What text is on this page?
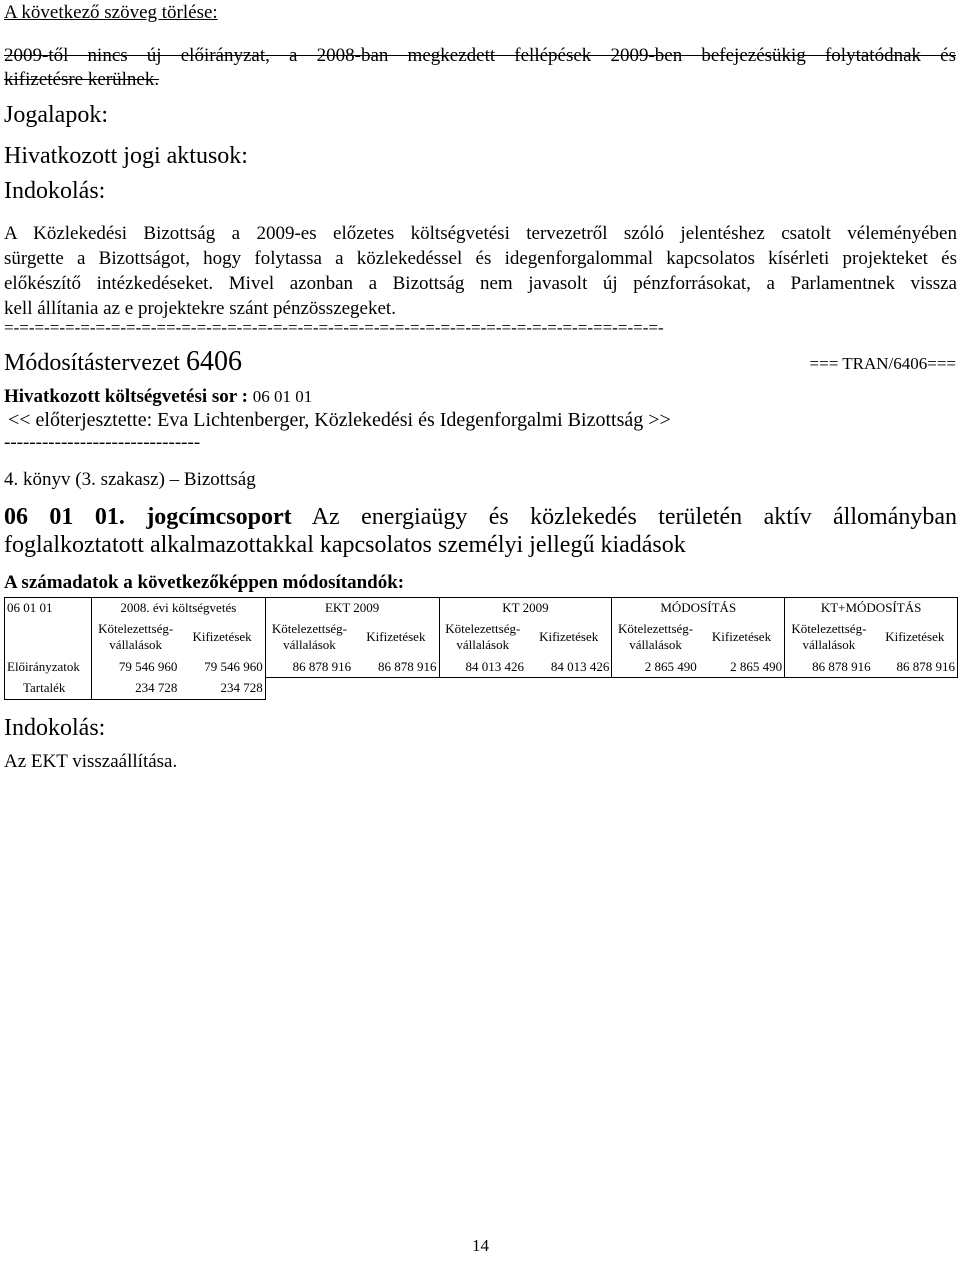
A következő szöveg törlése:
2009-től nincs új előirányzat, a 2008-ban megkezdett fellépések 2009-ben befejezésükig folytatódnak és
kifizetésre kerülnek.
Jogalapok:
Hivatkozott jogi aktusok:
Indokolás:
A Közlekedési Bizottság a 2009-es előzetes költségvetési tervezetről szóló jelentéshez csatolt véleményében
sürgette a Bizottságot, hogy folytassa a közlekedéssel és idegenforgalommal kapcsolatos kísérleti projekteket és
előkészítő intézkedéseket. Mivel azonban a Bizottság nem javasolt új pénzforrásokat, a Parlamentnek vissza
kell állítania az e projektekre szánt pénzösszegeket.
=-=-=-=-=-=-=-=-=-=-==-=-=-=-=-=-=-=-=-=-=-=-=-=-=-=-=-=-=-=-=-=-=-=-=-=-=-=-==-=-=-=-
Módosítástervezet 6406	=== TRAN/6406===
Hivatkozott költségvetési sor : 06 01 01
<< előterjesztette: Eva Lichtenberger, Közlekedési és Idegenforgalmi Bizottság >>
-------------------------------
4. könyv (3. szakasz) – Bizottság
06 01 01. jogcímcsoport Az energiaügy és közlekedés területén aktív állományban
foglalkoztatott alkalmazottakkal kapcsolatos személyi jellegű kiadások
A számadatok a következőképpen módosítandók:
06 01 01	2008. évi költségvetés		EKT 2009		KT 2009		MÓDOSÍTÁS		KT+MÓDOSÍTÁS	
	Kötelezettség-
vállalások	Kifizetések	Kötelezettség-
vállalások	Kifizetések	Kötelezettség-
vállalások	Kifizetések	Kötelezettség-
vállalások	Kifizetések	Kötelezettség-
vállalások	Kifizetések
Előirányzatok	79 546 960	79 546 960	86 878 916	86 878 916	84 013 426	84 013 426	2 865 490	2 865 490	86 878 916	86 878 916
Tartalék	234 728	234 728								
Indokolás:
Az EKT visszaállítása.
14
